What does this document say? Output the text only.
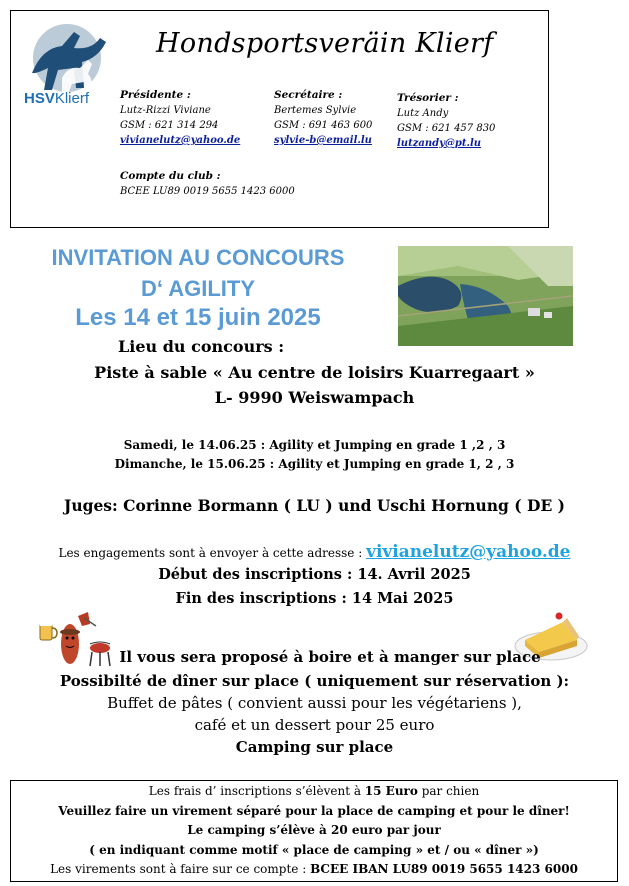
HSVKlierf
Hondsportsveräin Klierf
Présidente :
Lutz-Rizzi Viviane
GSM : 621 314 294
vivianelutz@yahoo.de
Secrétaire :
Bertemes Sylvie
GSM : 691 463 600
sylvie-b@email.lu
Trésorier :
Lutz Andy
GSM : 621 457 830
lutzandy@pt.lu
Compte du club :
BCEE LU89 0019 5655 1423 6000
INVITATION AU CONCOURS
D‘ AGILITY
Les 14 et 15 juin 2025
Lieu du concours :
Piste à sable « Au centre de loisirs Kuarregaart »
L- 9990 Weiswampach
Samedi, le 14.06.25 : Agility et Jumping en grade 1 ,2 , 3
Dimanche, le 15.06.25 : Agility et Jumping en grade 1, 2 , 3
Juges: Corinne Bormann ( LU ) und Uschi Hornung ( DE )
Les engagements sont à envoyer à cette adresse : vivianelutz@yahoo.de
Début des inscriptions : 14. Avril 2025
Fin des inscriptions : 14 Mai 2025
Il vous sera proposé à boire et à manger sur place
Possibilté de dîner sur place ( uniquement sur réservation ):
Buffet de pâtes ( convient aussi pour les végétariens ),
café et un dessert pour 25 euro
Camping sur place
Les frais d’ inscriptions s’élèvent à 15 Euro par chien
Veuillez faire un virement séparé pour la place de camping et pour le dîner!
Le camping s’élève à 20 euro par jour
( en indiquant comme motif « place de camping » et / ou « dîner »)
Les virements sont à faire sur ce compte : BCEE IBAN LU89 0019 5655 1423 6000
